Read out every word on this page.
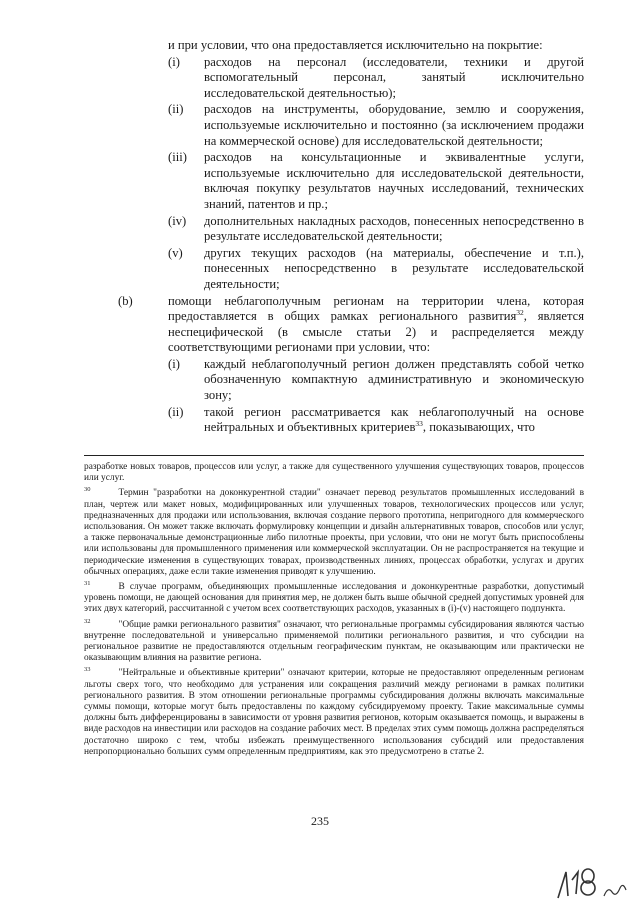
и при условии, что она предоставляется исключительно на покрытие:
(i)	расходов на персонал (исследователи, техники и другой вспомогательный персонал, занятый исключительно исследовательской деятельностью);
(ii)	расходов на инструменты, оборудование, землю и сооружения, используемые исключительно и постоянно (за исключением продажи на коммерческой основе) для исследовательской деятельности;
(iii)	расходов на консультационные и эквивалентные услуги, используемые исключительно для исследовательской деятельности, включая покупку результатов научных исследований, технических знаний, патентов и пр.;
(iv)	дополнительных накладных расходов, понесенных непосредственно в результате исследовательской деятельности;
(v)	других текущих расходов (на материалы, обеспечение и т.п.), понесенных непосредственно в результате исследовательской деятельности;
(b)	помощи неблагополучным регионам на территории члена, которая предоставляется в общих рамках регионального развития$^{32}$, является неспецифической (в смысле статьи 2) и распределяется между соответствующими регионами при условии, что:
(i)	каждый неблагополучный регион должен представлять собой четко обозначенную компактную административную и экономическую зону;
(ii)	такой регион рассматривается как неблагополучный на основе нейтральных и объективных критериев$^{33}$, показывающих, что

разработке новых товаров, процессов или услуг, а также для существенного улучшения существующих товаров, процессов или услуг.

$^{30}$	Термин "разработки на доконкурентной стадии" означает перевод результатов промышленных исследований в план, чертеж или макет новых, модифицированных или улучшенных товаров, технологических процессов или услуг, предназначенных для продажи или использования, включая создание первого прототипа, непригодного для коммерческого использования. Он может также включать формулировку концепции и дизайн альтернативных товаров, способов или услуг, а также первоначальные демонстрационные либо пилотные проекты, при условии, что они не могут быть приспособлены или использованы для промышленного применения или коммерческой эксплуатации. Он не распространяется на текущие и периодические изменения в существующих товарах, производственных линиях, процессах обработки, услугах и других обычных операциях, даже если такие изменения приводят к улучшению.

$^{31}$	В случае программ, объединяющих промышленные исследования и доконкурентные разработки, допустимый уровень помощи, не дающей основания для принятия мер, не должен быть выше обычной средней допустимых уровней для этих двух категорий, рассчитанной с учетом всех соответствующих расходов, указанных в (i)-(v) настоящего подпункта.

$^{32}$	"Общие рамки регионального развития" означают, что региональные программы субсидирования являются частью внутренне последовательной и универсально применяемой политики регионального развития, и что субсидии на региональное развитие не предоставляются отдельным географическим пунктам, не оказывающим или практически не оказывающим влияния на развитие региона.

$^{33}$	"Нейтральные и объективные критерии" означают критерии, которые не предоставляют определенным регионам льготы сверх того, что необходимо для устранения или сокращения различий между регионами в рамках политики регионального развития. В этом отношении региональные программы субсидирования должны включать максимальные суммы помощи, которые могут быть предоставлены по каждому субсидируемому проекту. Такие максимальные суммы должны быть дифференцированы в зависимости от уровня развития регионов, которым оказывается помощь, и выражены в виде расходов на инвестиции или расходов на создание рабочих мест. В пределах этих сумм помощь должна распределяться достаточно широко с тем, чтобы избежать преимущественного использования субсидий или предоставления непропорционально больших сумм определенным предприятиям, как это предусмотрено в статье 2.

235
